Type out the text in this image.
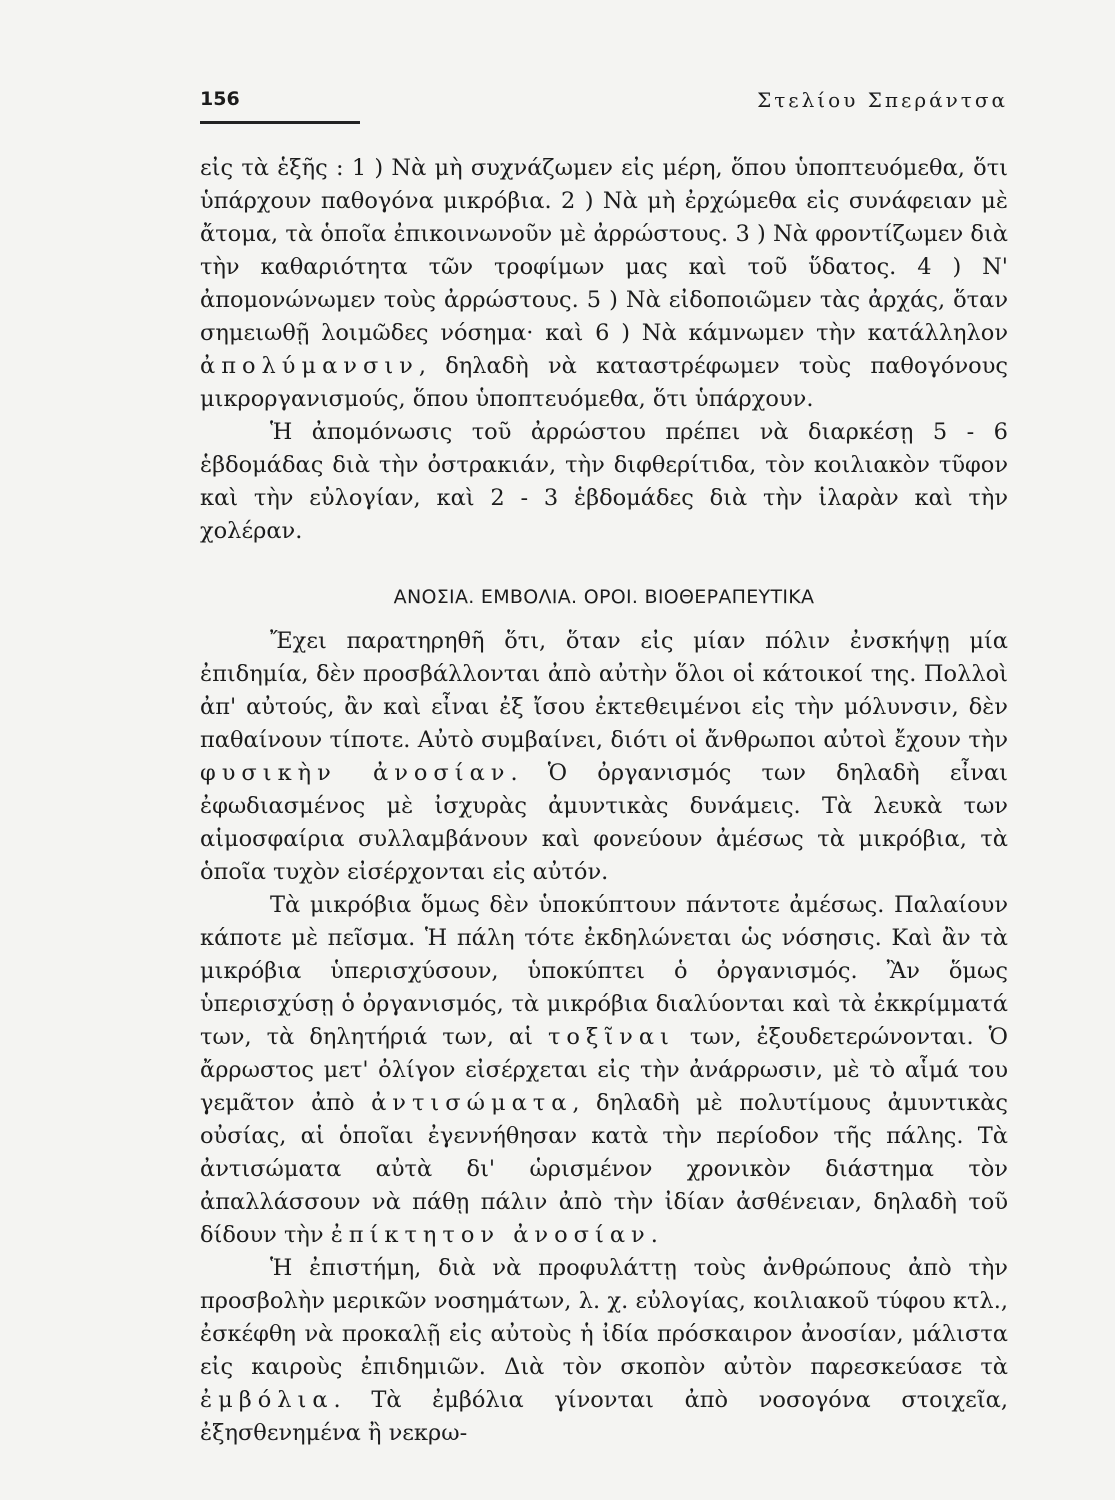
156	Στελίου Σπεράντσα

εἰς τὰ ἑξῆς : 1 ) Νὰ μὴ συχνάζωμεν εἰς μέρη, ὅπου ὑποπτευόμεθα, ὅτι ὑπάρχουν παθογόνα μικρόβια. 2 ) Νὰ μὴ ἐρχώμεθα εἰς συνάφειαν μὲ ἄτομα, τὰ ὁποῖα ἐπικοινωνοῦν μὲ ἀρρώστους. 3 ) Νὰ φροντίζωμεν διὰ τὴν καθαριότητα τῶν τροφίμων μας καὶ τοῦ ὕδατος. 4 ) Ν' ἀπομονώνωμεν τοὺς ἀρρώστους. 5 ) Νὰ εἰδοποιῶμεν τὰς ἀρχάς, ὅταν σημειωθῇ λοιμῶδες νόσημα· καὶ 6 ) Νὰ κάμνωμεν τὴν κατάλληλον ἀπολύμανσιν, δηλαδὴ νὰ καταστρέφωμεν τοὺς παθογόνους μικροργανισμούς, ὅπου ὑποπτευόμεθα, ὅτι ὑπάρχουν.

Ἡ ἀπομόνωσις τοῦ ἀρρώστου πρέπει νὰ διαρκέσῃ 5 - 6 ἑβδομάδας διὰ τὴν ὀστρακιάν, τὴν διφθερίτιδα, τὸν κοιλιακὸν τῦφον καὶ τὴν εὐλογίαν, καὶ 2 - 3 ἑβδομάδες διὰ τὴν ἱλαρὰν καὶ τὴν χολέραν.

ΑΝΟΣΙΑ. ΕΜΒΟΛΙΑ. ΟΡΟΙ. ΒΙΟΘΕΡΑΠΕΥΤΙΚΑ

Ἔχει παρατηρηθῆ ὅτι, ὅταν εἰς μίαν πόλιν ἐνσκήψῃ μία ἐπιδημία, δὲν προσβάλλονται ἀπὸ αὐτὴν ὅλοι οἱ κάτοικοί της. Πολλοὶ ἀπ' αὐτούς, ἂν καὶ εἶναι ἐξ ἴσου ἐκτεθειμένοι εἰς τὴν μόλυνσιν, δὲν παθαίνουν τίποτε. Αὐτὸ συμβαίνει, διότι οἱ ἄνθρωποι αὐτοὶ ἔχουν τὴν φυσικὴν ἀνοσίαν. Ὁ ὀργανισμός των δηλαδὴ εἶναι ἐφωδιασμένος μὲ ἰσχυρὰς ἀμυντικὰς δυνάμεις. Τὰ λευκὰ των αἱμοσφαίρια συλλαμβάνουν καὶ φονεύουν ἀμέσως τὰ μικρόβια, τὰ ὁποῖα τυχὸν εἰσέρχονται εἰς αὐτόν.

Τὰ μικρόβια ὅμως δὲν ὑποκύπτουν πάντοτε ἀμέσως. Παλαίουν κάποτε μὲ πεῖσμα. Ἡ πάλη τότε ἐκδηλώνεται ὡς νόσησις. Καὶ ἂν τὰ μικρόβια ὑπερισχύσουν, ὑποκύπτει ὁ ὀργανισμός. Ἂν ὅμως ὑπερισχύσῃ ὁ ὀργανισμός, τὰ μικρόβια διαλύονται καὶ τὰ ἐκκρίμματά των, τὰ δηλητήριά των, αἱ τοξῖναι των, ἐξουδετερώνονται. Ὁ ἄρρωστος μετ' ὀλίγον εἰσέρχεται εἰς τὴν ἀνάρρωσιν, μὲ τὸ αἷμά του γεμᾶτον ἀπὸ ἀντισώματα, δηλαδὴ μὲ πολυτίμους ἀμυντικὰς οὐσίας, αἱ ὁποῖαι ἐγεννήθησαν κατὰ τὴν περίοδον τῆς πάλης. Τὰ ἀντισώματα αὐτὰ δι' ὡρισμένον χρονικὸν διάστημα τὸν ἀπαλλάσσουν νὰ πάθῃ πάλιν ἀπὸ τὴν ἰδίαν ἀσθένειαν, δηλαδὴ τοῦ δίδουν τὴν ἐπίκτητον ἀνοσίαν.

Ἡ ἐπιστήμη, διὰ νὰ προφυλάττῃ τοὺς ἀνθρώπους ἀπὸ τὴν προσβολὴν μερικῶν νοσημάτων, λ. χ. εὐλογίας, κοιλιακοῦ τύφου κτλ., ἐσκέφθη νὰ προκαλῇ εἰς αὐτοὺς ἡ ἰδία πρόσκαιρον ἀνοσίαν, μάλιστα εἰς καιροὺς ἐπιδημιῶν. Διὰ τὸν σκοπὸν αὐτὸν παρεσκεύασε τὰ ἐμβόλια. Τὰ ἐμβόλια γίνονται ἀπὸ νοσογόνα στοιχεῖα, ἐξησθενημένα ἢ νεκρω-
